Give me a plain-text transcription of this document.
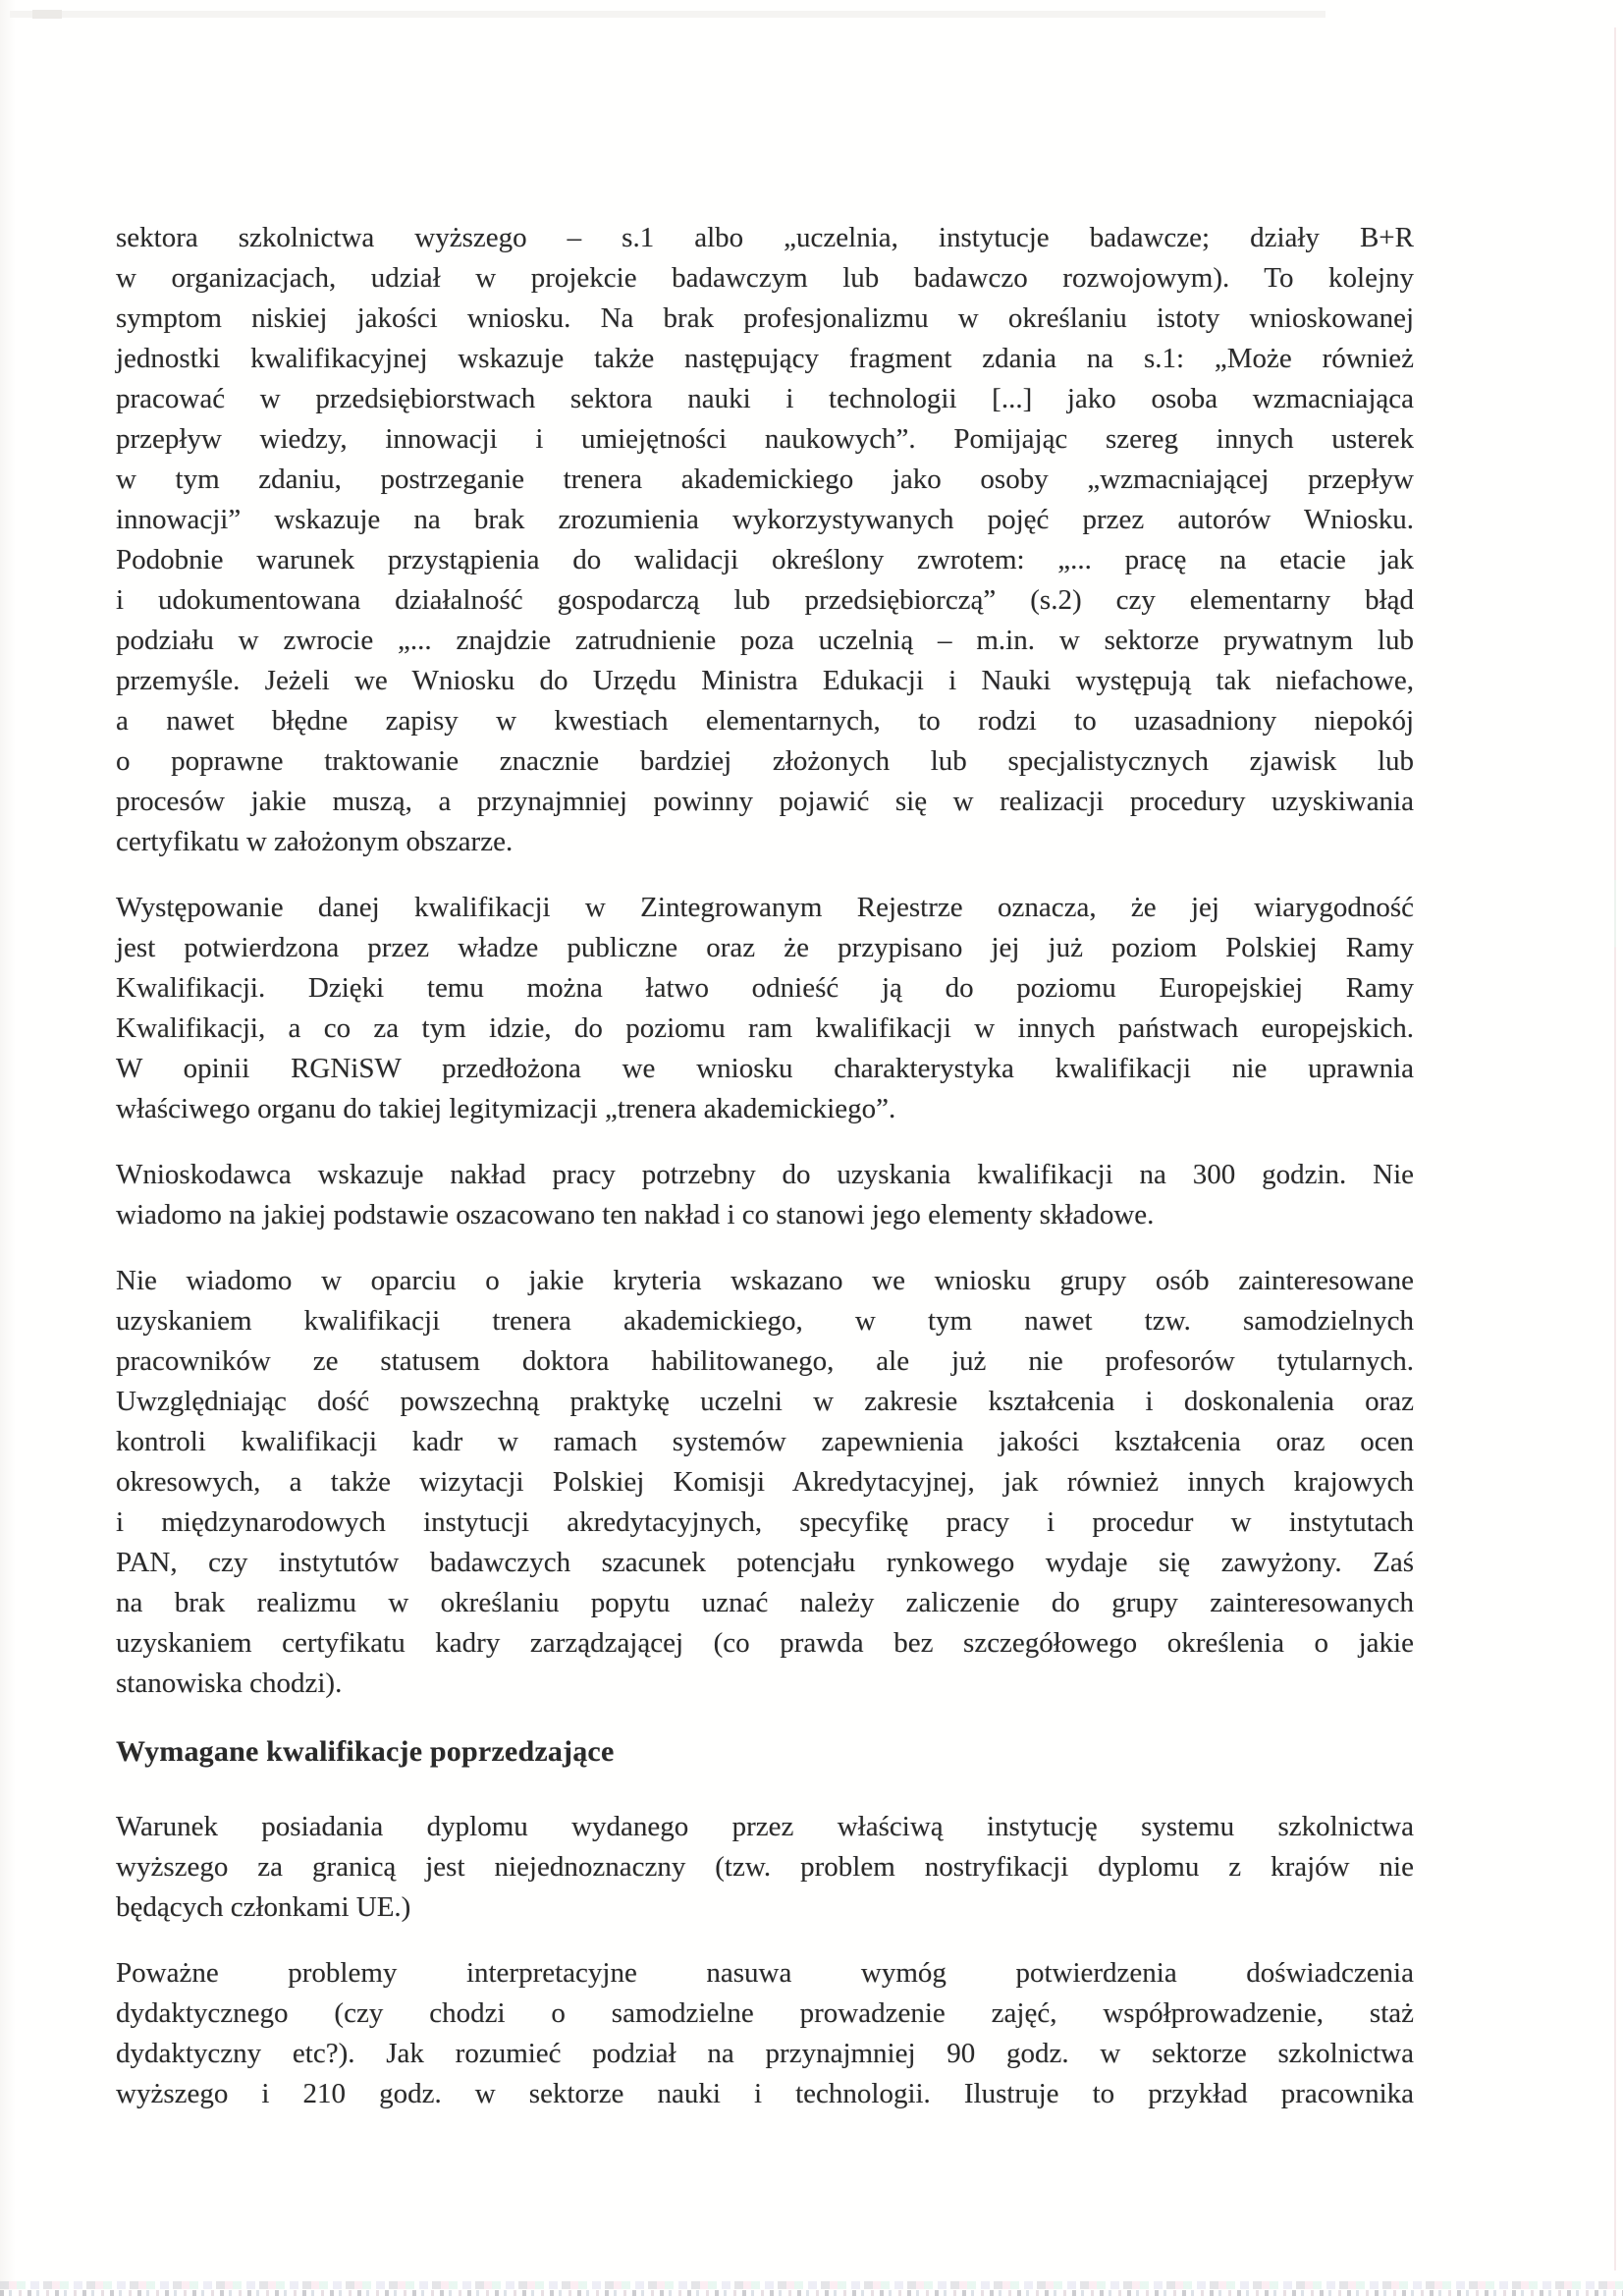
sektora szkolnictwa wyższego – s.1 albo „uczelnia, instytucje badawcze; działy B+R
w organizacjach, udział w projekcie badawczym lub badawczo rozwojowym). To kolejny
symptom niskiej jakości wniosku. Na brak profesjonalizmu w określaniu istoty wnioskowanej
jednostki kwalifikacyjnej wskazuje także następujący fragment zdania na s.1: „Może również
pracować w przedsiębiorstwach sektora nauki i technologii [...] jako osoba wzmacniająca
przepływ wiedzy, innowacji i umiejętności naukowych”. Pomijając szereg innych usterek
w tym zdaniu, postrzeganie trenera akademickiego jako osoby „wzmacniającej przepływ
innowacji” wskazuje na brak zrozumienia wykorzystywanych pojęć przez autorów Wniosku.
Podobnie warunek przystąpienia do walidacji określony zwrotem: „... pracę na etacie jak
i udokumentowana działalność gospodarczą lub przedsiębiorczą” (s.2) czy elementarny błąd
podziału w zwrocie „... znajdzie zatrudnienie poza uczelnią – m.in. w sektorze prywatnym lub
przemyśle. Jeżeli we Wniosku do Urzędu Ministra Edukacji i Nauki występują tak niefachowe,
a nawet błędne zapisy w kwestiach elementarnych, to rodzi to uzasadniony niepokój
o poprawne traktowanie znacznie bardziej złożonych lub specjalistycznych zjawisk lub
procesów jakie muszą, a przynajmniej powinny pojawić się w realizacji procedury uzyskiwania
certyfikatu w założonym obszarze.
Występowanie danej kwalifikacji w Zintegrowanym Rejestrze oznacza, że jej wiarygodność
jest potwierdzona przez władze publiczne oraz że przypisano jej już poziom Polskiej Ramy
Kwalifikacji. Dzięki temu można łatwo odnieść ją do poziomu Europejskiej Ramy
Kwalifikacji, a co za tym idzie, do poziomu ram kwalifikacji w innych państwach europejskich.
W opinii RGNiSW przedłożona we wniosku charakterystyka kwalifikacji nie uprawnia
właściwego organu do takiej legitymizacji „trenera akademickiego”.
Wnioskodawca wskazuje nakład pracy potrzebny do uzyskania kwalifikacji na 300 godzin. Nie
wiadomo na jakiej podstawie oszacowano ten nakład i co stanowi jego elementy składowe.
Nie wiadomo w oparciu o jakie kryteria wskazano we wniosku grupy osób zainteresowane
uzyskaniem kwalifikacji trenera akademickiego, w tym nawet tzw. samodzielnych
pracowników ze statusem doktora habilitowanego, ale już nie profesorów tytularnych.
Uwzględniając dość powszechną praktykę uczelni w zakresie kształcenia i doskonalenia oraz
kontroli kwalifikacji kadr w ramach systemów zapewnienia jakości kształcenia oraz ocen
okresowych, a także wizytacji Polskiej Komisji Akredytacyjnej, jak również innych krajowych
i międzynarodowych instytucji akredytacyjnych, specyfikę pracy i procedur w instytutach
PAN, czy instytutów badawczych szacunek potencjału rynkowego wydaje się zawyżony. Zaś
na brak realizmu w określaniu popytu uznać należy zaliczenie do grupy zainteresowanych
uzyskaniem certyfikatu kadry zarządzającej (co prawda bez szczegółowego określenia o jakie
stanowiska chodzi).
Wymagane kwalifikacje poprzedzające
Warunek posiadania dyplomu wydanego przez właściwą instytucję systemu szkolnictwa
wyższego za granicą jest niejednoznaczny (tzw. problem nostryfikacji dyplomu z krajów nie
będących członkami UE.)
Poważne problemy interpretacyjne nasuwa wymóg potwierdzenia doświadczenia
dydaktycznego (czy chodzi o samodzielne prowadzenie zajęć, współprowadzenie, staż
dydaktyczny etc?). Jak rozumieć podział na przynajmniej 90 godz. w sektorze szkolnictwa
wyższego i 210 godz. w sektorze nauki i technologii. Ilustruje to przykład pracownika
